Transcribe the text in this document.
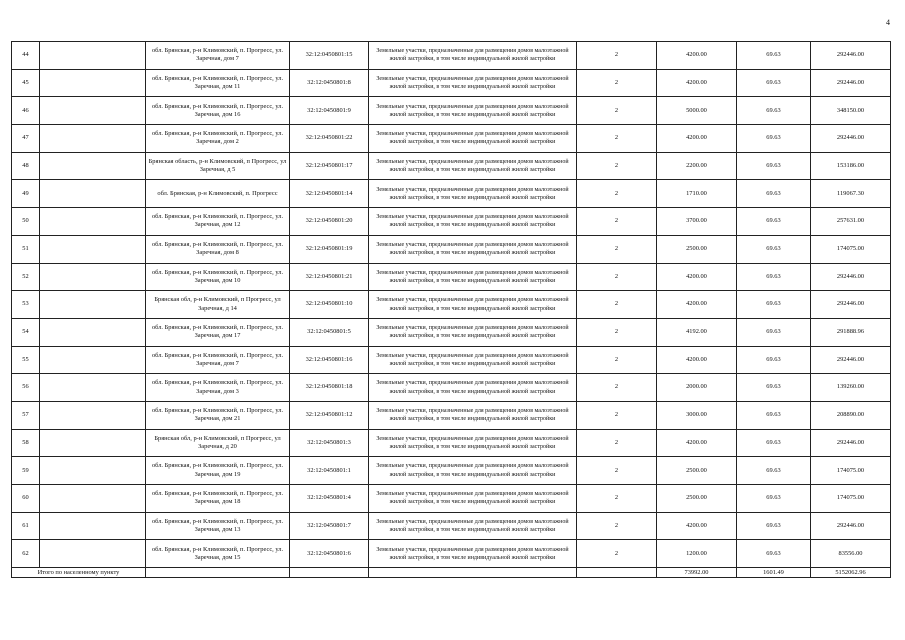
4
44		обл. Брянская, р-н Климовский, п. Прогресс, ул. Заречная, дом 7	32:12:0450801:15	Земельные участки, предназначенные для размещения домов малоэтажной жилой застройки, в том числе индивидуальной жилой застройки	2	4200.00	69.63	292446.00
45		обл. Брянская, р-н Климовский, п. Прогресс, ул. Заречная, дом 11	32:12:0450801:8	Земельные участки, предназначенные для размещения домов малоэтажной жилой застройки, в том числе индивидуальной жилой застройки	2	4200.00	69.63	292446.00
46		обл. Брянская, р-н Климовский, п. Прогресс, ул. Заречная, дом 16	32:12:0450801:9	Земельные участки, предназначенные для размещения домов малоэтажной жилой застройки, в том числе индивидуальной жилой застройки	2	5000.00	69.63	348150.00
47		обл. Брянская, р-н Климовский, п. Прогресс, ул. Заречная, дом 2	32:12:0450801:22	Земельные участки, предназначенные для размещения домов малоэтажной жилой застройки, в том числе индивидуальной жилой застройки	2	4200.00	69.63	292446.00
48		Брянская область, р-н Климовский, п Прогресс, ул Заречная, д 5	32:12:0450801:17	Земельные участки, предназначенные для размещения домов малоэтажной жилой застройки, в том числе индивидуальной жилой застройки	2	2200.00	69.63	153186.00
49		обл. Брянская, р-н Климовский, п. Прогресс	32:12:0450801:14	Земельные участки, предназначенные для размещения домов малоэтажной жилой застройки, в том числе индивидуальной жилой застройки	2	1710.00	69.63	119067.30
50		обл. Брянская, р-н Климовский, п. Прогресс, ул. Заречная, дом 12	32:12:0450801:20	Земельные участки, предназначенные для размещения домов малоэтажной жилой застройки, в том числе индивидуальной жилой застройки	2	3700.00	69.63	257631.00
51		обл. Брянская, р-н Климовский, п. Прогресс, ул. Заречная, дом 8	32:12:0450801:19	Земельные участки, предназначенные для размещения домов малоэтажной жилой застройки, в том числе индивидуальной жилой застройки	2	2500.00	69.63	174075.00
52		обл. Брянская, р-н Климовский, п. Прогресс, ул. Заречная, дом 10	32:12:0450801:21	Земельные участки, предназначенные для размещения домов малоэтажной жилой застройки, в том числе индивидуальной жилой застройки	2	4200.00	69.63	292446.00
53		Брянская обл, р-н Климовский, п Прогресс, ул Заречная, д 14	32:12:0450801:10	Земельные участки, предназначенные для размещения домов малоэтажной жилой застройки, в том числе индивидуальной жилой застройки	2	4200.00	69.63	292446.00
54		обл. Брянская, р-н Климовский, п. Прогресс, ул. Заречная, дом 17	32:12:0450801:5	Земельные участки, предназначенные для размещения домов малоэтажной жилой застройки, в том числе индивидуальной жилой застройки	2	4192.00	69.63	291888.96
55		обл. Брянская, р-н Климовский, п. Прогресс, ул. Заречная, дом 7	32:12:0450801:16	Земельные участки, предназначенные для размещения домов малоэтажной жилой застройки, в том числе индивидуальной жилой застройки	2	4200.00	69.63	292446.00
56		обл. Брянская, р-н Климовский, п. Прогресс, ул. Заречная, дом 3	32:12:0450801:18	Земельные участки, предназначенные для размещения домов малоэтажной жилой застройки, в том числе индивидуальной жилой застройки	2	2000.00	69.63	139260.00
57		обл. Брянская, р-н Климовский, п. Прогресс, ул. Заречная, дом 21	32:12:0450801:12	Земельные участки, предназначенные для размещения домов малоэтажной жилой застройки, в том числе индивидуальной жилой застройки	2	3000.00	69.63	208890.00
58		Брянская обл, р-н Климовский, п Прогресс, ул Заречная, д 20	32:12:0450801:3	Земельные участки, предназначенные для размещения домов малоэтажной жилой застройки, в том числе индивидуальной жилой застройки	2	4200.00	69.63	292446.00
59		обл. Брянская, р-н Климовский, п. Прогресс, ул. Заречная, дом 19	32:12:0450801:1	Земельные участки, предназначенные для размещения домов малоэтажной жилой застройки, в том числе индивидуальной жилой застройки	2	2500.00	69.63	174075.00
60		обл. Брянская, р-н Климовский, п. Прогресс, ул. Заречная, дом 18	32:12:0450801:4	Земельные участки, предназначенные для размещения домов малоэтажной жилой застройки, в том числе индивидуальной жилой застройки	2	2500.00	69.63	174075.00
61		обл. Брянская, р-н Климовский, п. Прогресс, ул. Заречная, дом 13	32:12:0450801:7	Земельные участки, предназначенные для размещения домов малоэтажной жилой застройки, в том числе индивидуальной жилой застройки	2	4200.00	69.63	292446.00
62		обл. Брянская, р-н Климовский, п. Прогресс, ул. Заречная, дом 15	32:12:0450801:6	Земельные участки, предназначенные для размещения домов малоэтажной жилой застройки, в том числе индивидуальной жилой застройки	2	1200.00	69.63	83556.00
Итого по населенному пункту						73992.00	1601.49	5152062.96
